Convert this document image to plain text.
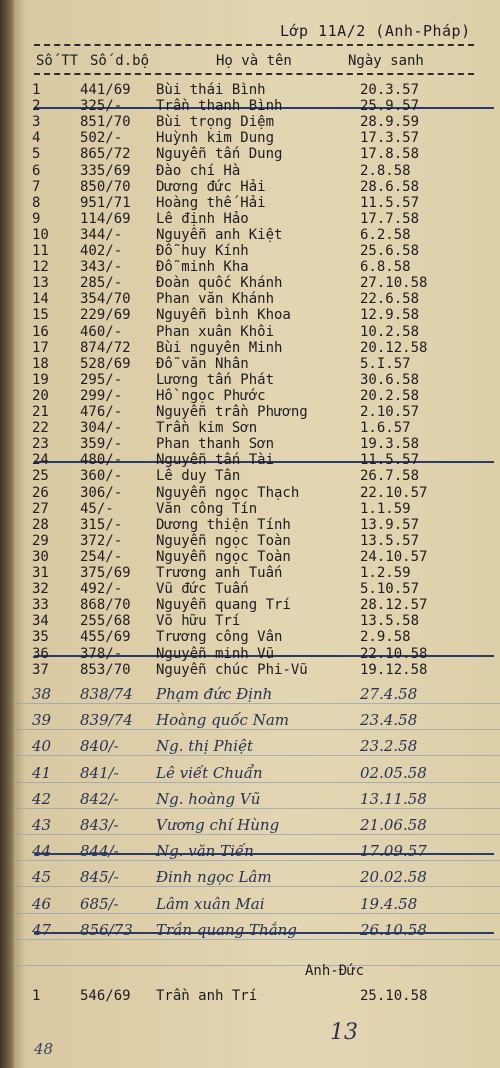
Lớp 11A/2 (Anh-Pháp)
Số TT Số d.bộ	Họ và tên	Ngày sanh
1	441/69 Bùi thái Bình	20.3.57
2	325/- Trần thanh Bình	25.9.57
3	851/70 Bùi trọng Diệm	28.9.59
4	502/- Huỳnh kim Dung	17.3.57
5	865/72 Nguyễn tấn Dung	17.8.58
6	335/69 Đào chí Hà	2.8.58
7	850/70 Dương đức Hải	28.6.58
8	951/71 Hoàng thế Hải	11.5.57
9	114/69 Lê định Hảo	17.7.58
10	344/- Nguyễn anh Kiệt	6.2.58
11	402/- Đỗ huy Kính	25.6.58
12	343/- Đỗ minh Kha	6.8.58
13	285/- Đoàn quốc Khánh	27.10.58
14	354/70 Phan văn Khánh	22.6.58
15	229/69 Nguyễn bình Khoa	12.9.58
16	460/- Phan xuân Khôi	10.2.58
17	874/72 Bùi nguyên Minh	20.12.58
18	528/69 Đỗ văn Nhân	5.I.57
19	295/- Lương tấn Phát	30.6.58
20	299/- Hồ ngọc Phước	20.2.58
21	476/- Nguyễn trần Phương	2.10.57
22	304/- Trần kim Sơn	1.6.57
23	359/- Phan thanh Sơn	19.3.58
24	480/- Nguyễn tấn Tài	11.5.57
25	360/- Lê duy Tân	26.7.58
26	306/- Nguyễn ngọc Thạch	22.10.57
27	45/-	Văn công Tín	1.1.59
28	315/- Dương thiện Tính	13.9.57
29	372/- Nguyễn ngọc Toàn	13.5.57
30	254/- Nguyễn ngọc Toàn	24.10.57
31	375/69 Trương anh Tuấn	1.2.59
32	492/- Vũ đức Tuấn	5.10.57
33	868/70 Nguyễn quang Trí	28.12.57
34	255/68 Võ hữu Trí	13.5.58
35	455/69 Trương công Vân	2.9.58
36	378/- Nguyễn minh Vũ	22.10.58
37	853/70 Nguyễn chúc Phi-Vũ	19.12.58
38	838/74 Phạm đức Định	27.4.58
39	839/74 Hoàng quốc Nam	23.4.58
40	840/- Ng. thị Phiệt	23.2.58
41	841/- Lê viết Chuẩn	02.05.58
42	842/- Ng. hoàng Vũ	13.11.58
43	843/- Vương chí Hùng	21.06.58
44	844/- Ng. văn Tiến	17.09.57
45	845/- Đinh ngọc Lâm	20.02.58
46	685/- Lâm xuân Mai	19.4.58
47	856/73 Trần quang Thắng	26.10.58
Anh-Đức
1	546/69 Trần anh Trí	25.10.58
13
48
